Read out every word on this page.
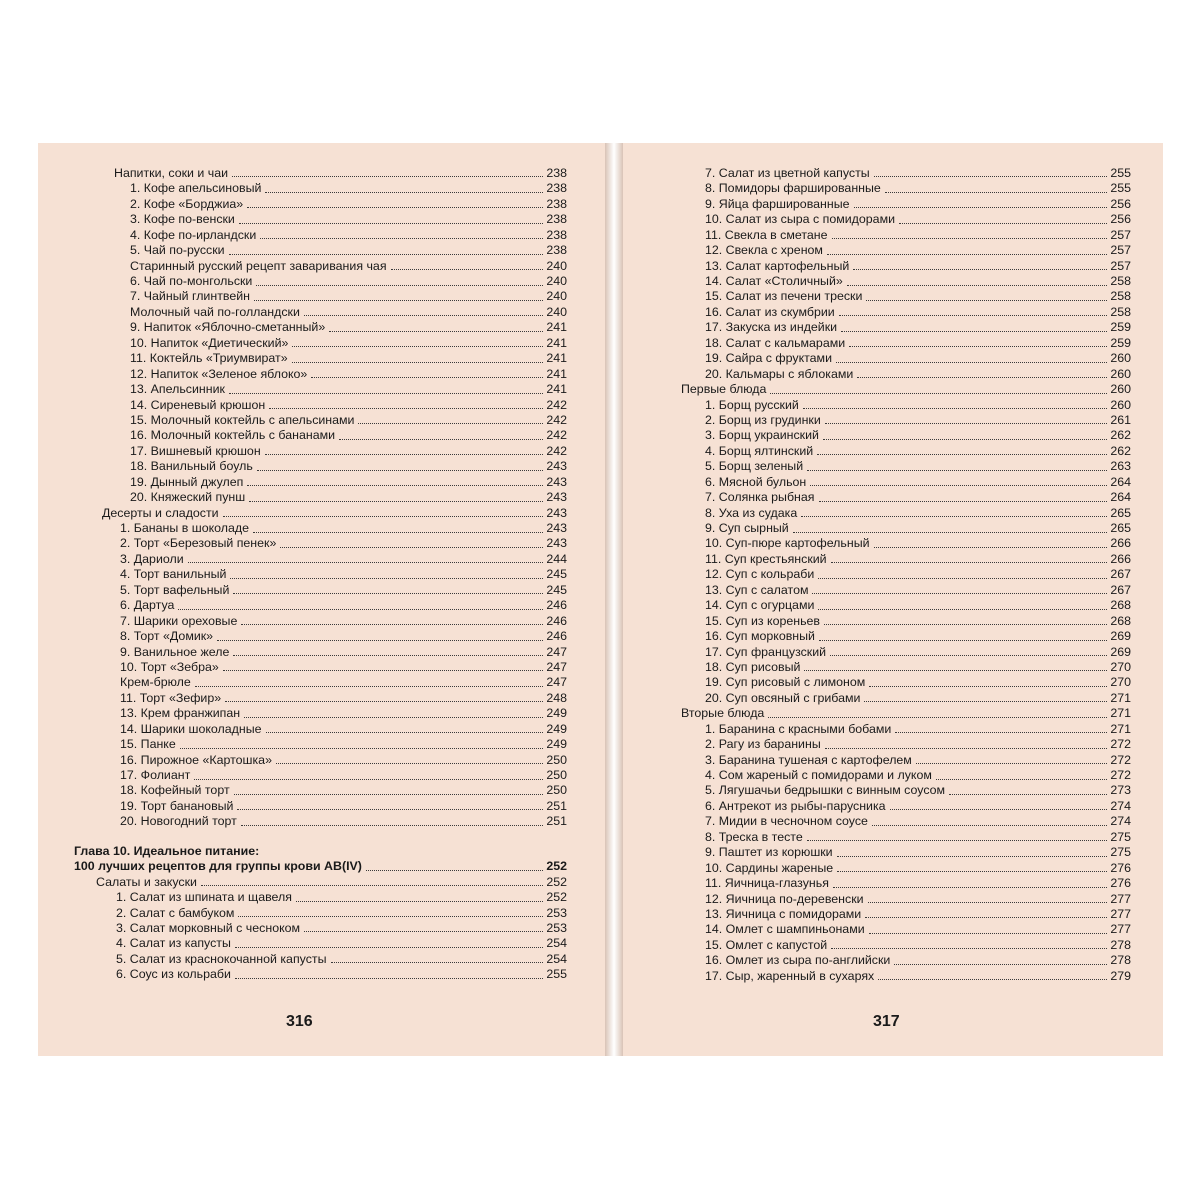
Напитки, соки и чаи	238
1. Кофе апельсиновый	238
2. Кофе «Борджиа»	238
3. Кофе по-венски	238
4. Кофе по-ирландски	238
5. Чай по-русски	238
Старинный русский рецепт заваривания чая	240
6. Чай по-монгольски	240
7. Чайный глинтвейн	240
Молочный чай по-голландски	240
9. Напиток «Яблочно-сметанный»	241
10. Напиток «Диетический»	241
11. Коктейль «Триумвират»	241
12. Напиток «Зеленое яблоко»	241
13. Апельсинник	241
14. Сиреневый крюшон	242
15. Молочный коктейль с апельсинами	242
16. Молочный коктейль с бананами	242
17. Вишневый крюшон	242
18. Ванильный боуль	243
19. Дынный джулеп	243
20. Княжеский пунш	243
Десерты и сладости	243
1. Бананы в шоколаде	243
2. Торт «Березовый пенек»	243
3. Дариоли	244
4. Торт ванильный	245
5. Торт вафельный	245
6. Дартуа	246
7. Шарики ореховые	246
8. Торт «Домик»	246
9. Ванильное желе	247
10. Торт «Зебра»	247
Крем-брюле	247
11. Торт «Зефир»	248
13. Крем франжипан	249
14. Шарики шоколадные	249
15. Панке	249
16. Пирожное «Картошка»	250
17. Фолиант	250
18. Кофейный торт	250
19. Торт банановый	251
20. Новогодний торт	251
Глава 10. Идеальное питание:
100 лучших рецептов для группы крови AB(IV)	252
Салаты и закуски	252
1. Салат из шпината и щавеля	252
2. Салат с бамбуком	253
3. Салат морковный с чесноком	253
4. Салат из капусты	254
5. Салат из краснокочанной капусты	254
6. Соус из кольраби	255
316
7. Салат из цветной капусты	255
8. Помидоры фаршированные	255
9. Яйца фаршированные	256
10. Салат из сыра с помидорами	256
11. Свекла в сметане	257
12. Свекла с хреном	257
13. Салат картофельный	257
14. Салат «Столичный»	258
15. Салат из печени трески	258
16. Салат из скумбрии	258
17. Закуска из индейки	259
18. Салат с кальмарами	259
19. Сайра с фруктами	260
20. Кальмары с яблоками	260
Первые блюда	260
1. Борщ русский	260
2. Борщ из грудинки	261
3. Борщ украинский	262
4. Борщ ялтинский	262
5. Борщ зеленый	263
6. Мясной бульон	264
7. Солянка рыбная	264
8. Уха из судака	265
9. Суп сырный	265
10. Суп-пюре картофельный	266
11. Суп крестьянский	266
12. Суп с кольраби	267
13. Суп с салатом	267
14. Суп с огурцами	268
15. Суп из кореньев	268
16. Суп морковный	269
17. Суп французский	269
18. Суп рисовый	270
19. Суп рисовый с лимоном	270
20. Суп овсяный с грибами	271
Вторые блюда	271
1. Баранина с красными бобами	271
2. Рагу из баранины	272
3. Баранина тушеная с картофелем	272
4. Сом жареный с помидорами и луком	272
5. Лягушачьи бедрышки с винным соусом	273
6. Антрекот из рыбы-парусника	274
7. Мидии в чесночном соусе	274
8. Треска в тесте	275
9. Паштет из корюшки	275
10. Сардины жареные	276
11. Яичница-глазунья	276
12. Яичница по-деревенски	277
13. Яичница с помидорами	277
14. Омлет с шампиньонами	277
15. Омлет с капустой	278
16. Омлет из сыра по-английски	278
17. Сыр, жаренный в сухарях	279
317
